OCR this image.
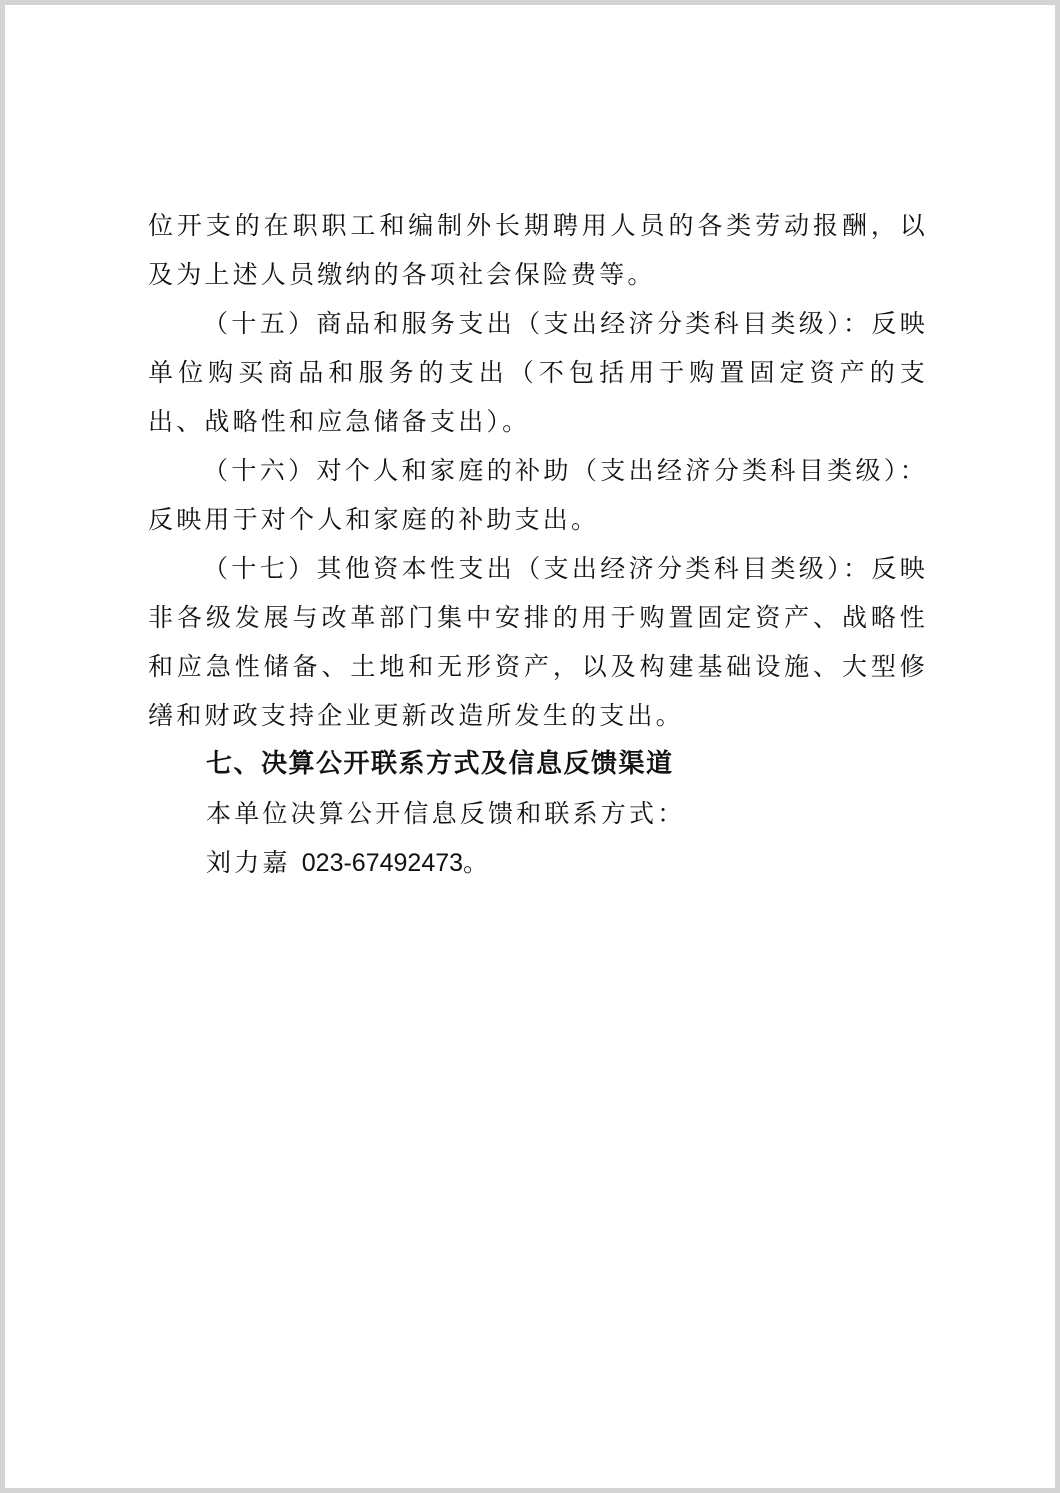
位开支的在职职工和编制外长期聘用人员的各类劳动报酬，以及为上述人员缴纳的各项社会保险费等。

（十五）商品和服务支出（支出经济分类科目类级）：反映单位购买商品和服务的支出（不包括用于购置固定资产的支出、战略性和应急储备支出）。

（十六）对个人和家庭的补助（支出经济分类科目类级）：反映用于对个人和家庭的补助支出。

（十七）其他资本性支出（支出经济分类科目类级）：反映非各级发展与改革部门集中安排的用于购置固定资产、战略性和应急性储备、土地和无形资产，以及构建基础设施、大型修缮和财政支持企业更新改造所发生的支出。

七、决算公开联系方式及信息反馈渠道

本单位决算公开信息反馈和联系方式：

刘力嘉 023-67492473。
